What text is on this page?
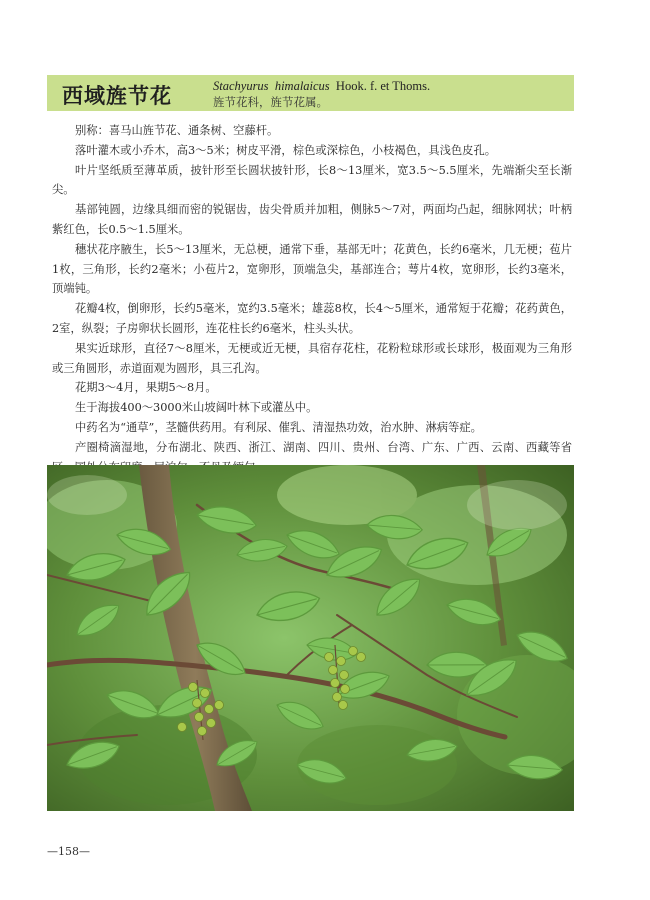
西域旌节花	Stachyurus himalaicus Hook. f. et Thoms.
旌节花科，旌节花属。

别称：喜马山旌节花、通条树、空藤杆。

落叶灌木或小乔木，高3～5米；树皮平滑，棕色或深棕色，小枝褐色，具浅色皮孔。

叶片坚纸质至薄革质，披针形至长圆状披针形，长8～13厘米，宽3.5～5.5厘米，先端渐尖至长渐尖。

基部钝圆，边缘具细而密的锐锯齿，齿尖骨质并加粗，侧脉5～7对，两面均凸起，细脉网状；叶柄紫红色，长0.5～1.5厘米。

穗状花序腋生，长5～13厘米，无总梗，通常下垂，基部无叶；花黄色，长约6毫米，几无梗；苞片1枚，三角形，长约2毫米；小苞片2，宽卵形，顶端急尖，基部连合；萼片4枚，宽卵形，长约3毫米，顶端钝。

花瓣4枚，倒卵形，长约5毫米，宽约3.5毫米；雄蕊8枚，长4～5厘米，通常短于花瓣；花药黄色，2室，纵裂；子房卵状长圆形，连花柱长约6毫米，柱头头状。

果实近球形，直径7～8厘米，无梗或近无梗，具宿存花柱，花粉粒球形或长球形，极面观为三角形或三角圆形，赤道面观为圆形，具三孔沟。

花期3～4月，果期5～8月。

生于海拔400～3000米山坡阔叶林下或灌丛中。

中药名为“通草”，茎髓供药用。有利尿、催乳、清湿热功效，治水肿、淋病等症。

产圈椅滴湿地，分布湖北、陕西、浙江、湖南、四川、贵州、台湾、广东、广西、云南、西藏等省

—158—
